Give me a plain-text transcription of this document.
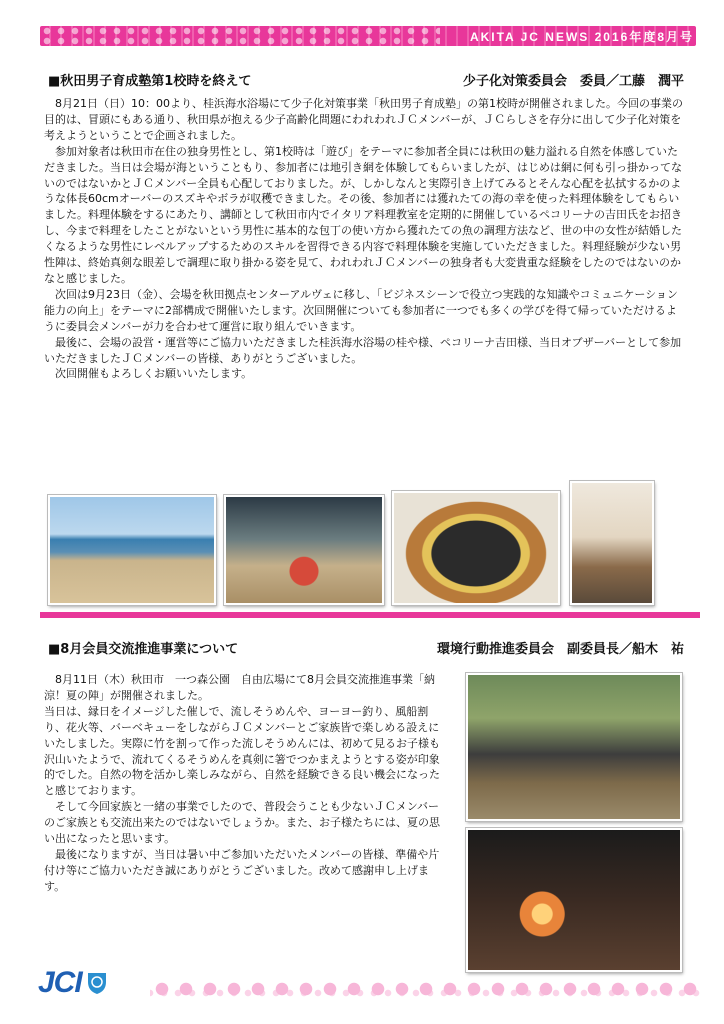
AKITA JC NEWS 2016年度8月号
■秋田男子育成塾第1校時を終えて	少子化対策委員会　委員／工藤　潤平
　8月21日（日）10：00より、桂浜海水浴場にて少子化対策事業「秋田男子育成塾」の第1校時が開催されました。今回の事業の目的は、冒頭にもある通り、秋田県が抱える少子高齢化問題にわれわれＪＣメンバーが、ＪＣらしさを存分に出して少子化対策を考えようということで企画されました。
　参加対象者は秋田市在住の独身男性とし、第1校時は「遊び」をテーマに参加者全員には秋田の魅力溢れる自然を体感していただきました。当日は会場が海ということもり、参加者には地引き網を体験してもらいましたが、はじめは網に何も引っ掛かってないのではないかとＪＣメンバー全員も心配しておりました。が、しかしなんと実際引き上げてみるとそんな心配を払拭するかのような体長60cmオーバーのスズキやボラが収穫できました。その後、参加者には獲れたての海の幸を使った料理体験をしてもらいました。料理体験をするにあたり、講師として秋田市内でイタリア料理教室を定期的に開催しているペコリーナの吉田氏をお招きし、今まで料理をしたことがないという男性に基本的な包丁の使い方から獲れたての魚の調理方法など、世の中の女性が結婚したくなるような男性にレベルアップするためのスキルを習得できる内容で料理体験を実施していただきました。料理経験が少ない男性陣は、終始真剣な眼差しで調理に取り掛かる姿を見て、われわれＪＣメンバーの独身者も大変貴重な経験をしたのではないのかなと感じました。
　次回は9月23日（金）、会場を秋田拠点センターアルヴェに移し、「ビジネスシーンで役立つ実践的な知識やコミュニケーション能力の向上」をテーマに2部構成で開催いたします。次回開催についても参加者に一つでも多くの学びを得て帰っていただけるように委員会メンバーが力を合わせて運営に取り組んでいきます。
　最後に、会場の設営・運営等にご協力いただきました桂浜海水浴場の桂や様、ペコリーナ吉田様、当日オブザーバーとして参加いただきましたＪＣメンバーの皆様、ありがとうございました。
　次回開催もよろしくお願いいたします。
■8月会員交流推進事業について	環境行動推進委員会　副委員長／船木　祐
　8月11日（木）秋田市　一つ森公園　自由広場にて8月会員交流推進事業「納涼！夏の陣」が開催されました。
当日は、縁日をイメージした催しで、流しそうめんや、ヨーヨー釣り、風船割り、花火等、バーベキューをしながらＪＣメンバーとご家族皆で楽しめる設えにいたしました。実際に竹を割って作った流しそうめんには、初めて見るお子様も沢山いたようで、流れてくるそうめんを真剣に箸でつかまえようとする姿が印象的でした。自然の物を活かし楽しみながら、自然を経験できる良い機会になったと感じております。
　そして今回家族と一緒の事業でしたので、普段会うことも少ないＪＣメンバーのご家族とも交流出来たのではないでしょうか。また、お子様たちには、夏の思い出になったと思います。
　最後になりますが、当日は暑い中ご参加いただいたメンバーの皆様、準備や片付け等にご協力いただき誠にありがとうございました。改めて感謝申し上げます。
JCI
